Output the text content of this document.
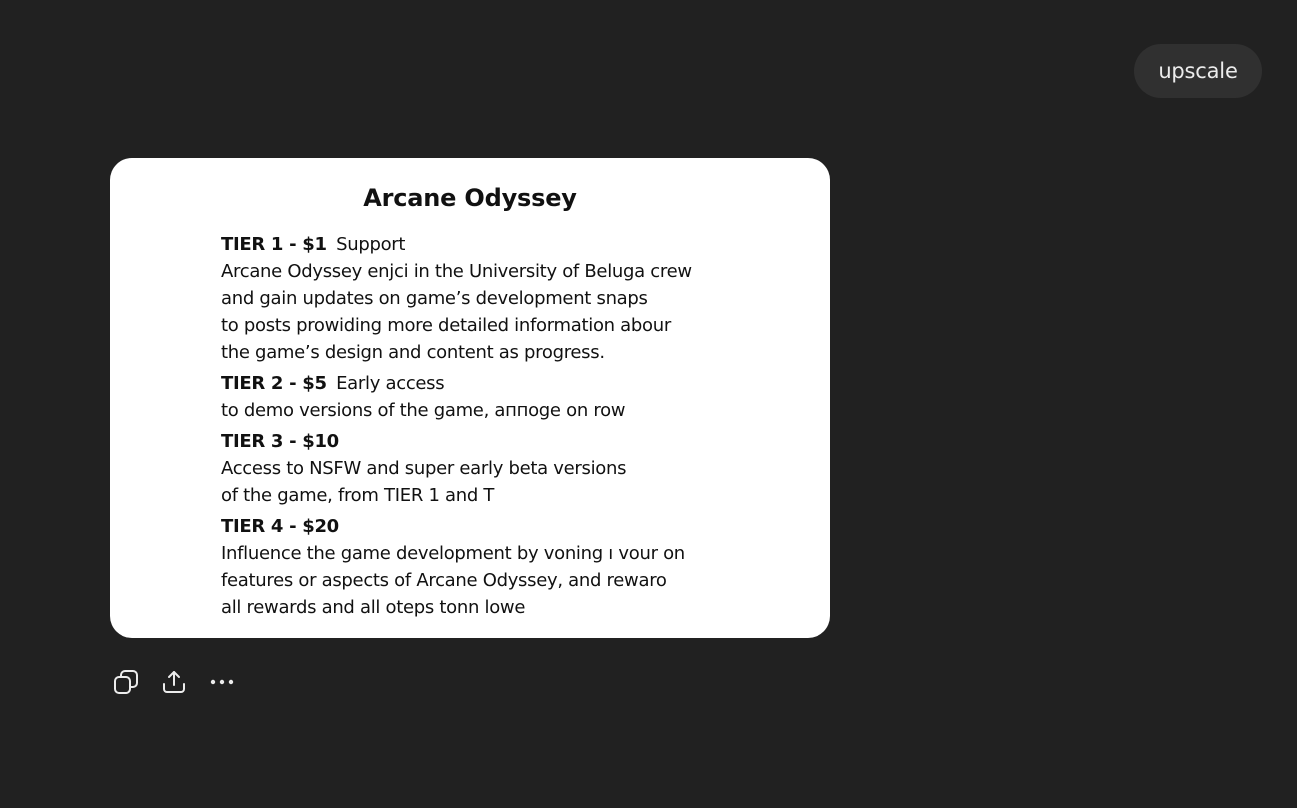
upscale
Arcane Odyssey
TIER 1 - $1 Support
Arcane Odyssey enjci in the University of Beluga crew
and gain updates on game’s development snaps
to posts prowiding more detailed information abour
the game’s design and content as progress.
TIER 2 - $5 Early access
to demo versions of the game, аппоge on row
TIER 3 - $10
Access to NSFW and super early beta versions
of the game, from TIER 1 and T
TIER 4 - $20
Influence the game development by voning ı vour on
features or aspects of Arcane Odyssey, and rewaro
all rewards and all oteps tonn lowe
